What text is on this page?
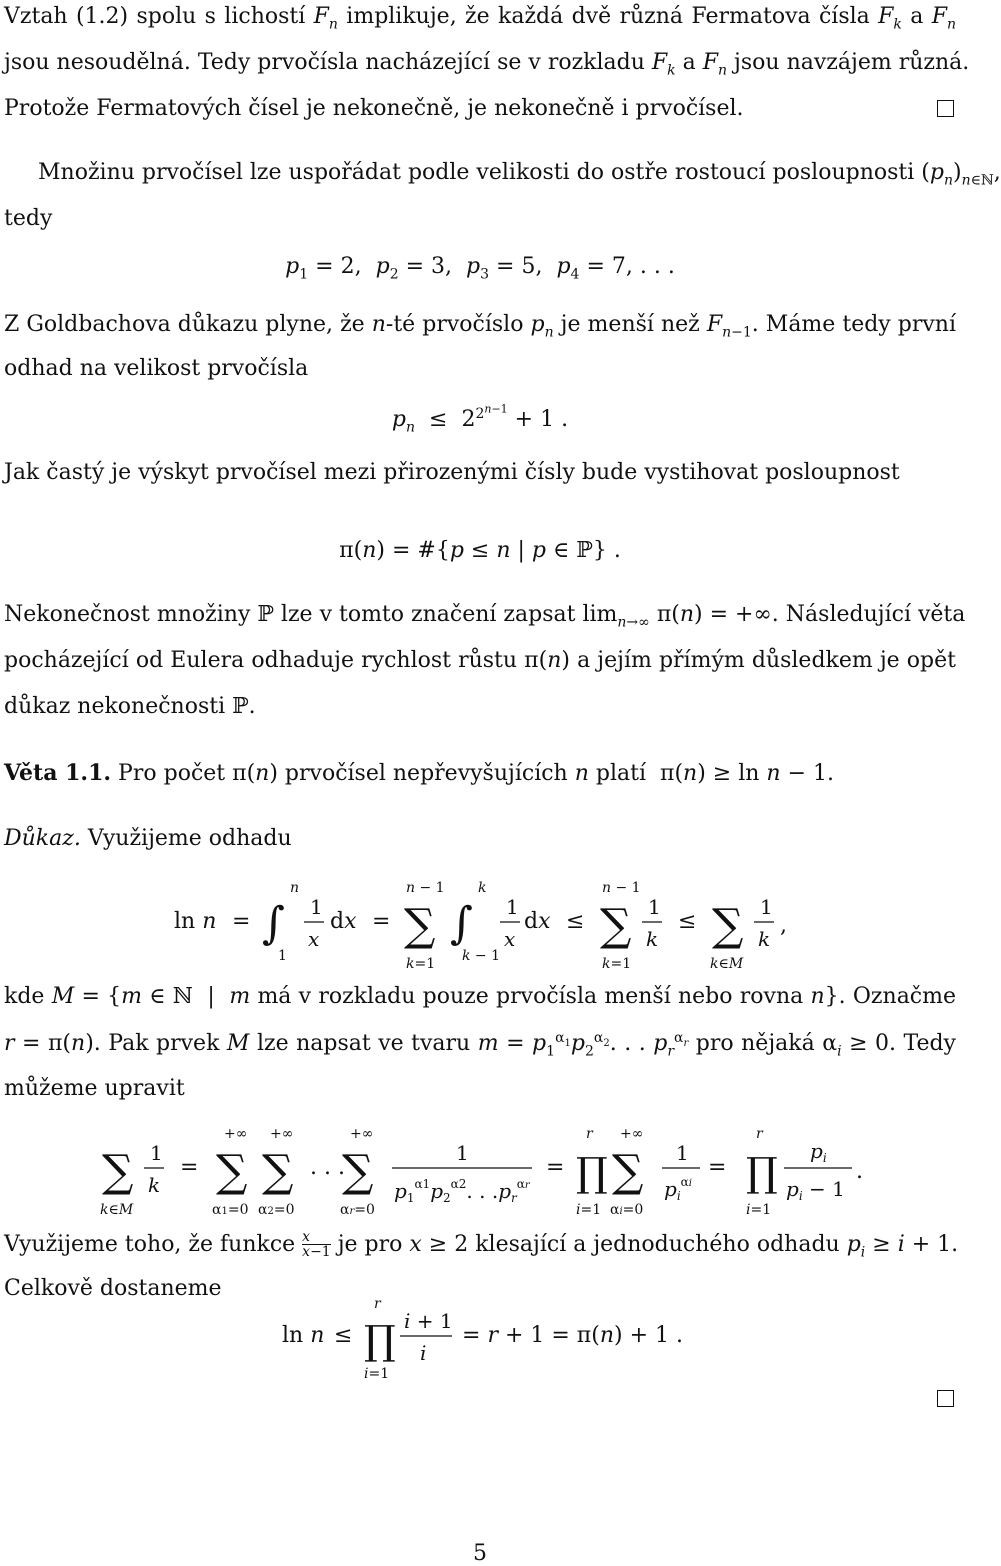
Vztah (1.2) spolu s lichostí $F_n$ implikuje, že každá dvě různá Fermatova čísla $F_k$ a $F_n$
jsou nesoudělná. Tedy prvočísla nacházející se v rozkladu $F_k$ a $F_n$ jsou navzájem různá.
Protože Fermatových čísel je nekonečně, je nekonečně i prvočísel.
Množinu prvočísel lze uspořádat podle velikosti do ostře rostoucí posloupnosti $(p_n)_{n\in ℕ}$,
tedy
$p_1 = 2$,  $p_2 = 3$,  $p_3 = 5$,  $p_4 = 7$, . . .
Z Goldbachova důkazu plyne, že n-té prvočíslo $p_n$ je menší než $F_{n-1}$. Máme tedy první
odhad na velikost prvočísla
$p_n \le 2^{2^{n-1}} + 1$ .
Jak častý je výskyt prvočísel mezi přirozenými čísly bude vystihovat posloupnost
π(n) = #{p ≤ n | p ∈ ℙ} .
Nekonečnost množiny ℙ lze v tomto značení zapsat $\lim_{n\to\infty} \pi(n)$ = +∞. Následující věta
pocházející od Eulera odhaduje rychlost růstu π(n) a jejím přímým důsledkem je opět
důkaz nekonečnosti ℙ.
Věta 1.1. Pro počet π(n) prvočísel nepřevyšujících n platí  π(n) ≥ ln n − 1.
Důkaz. Využijeme odhadu
ln n = ∫
n
1
1
x
dx =
n − 1
∑
k=1
∫
k
k − 1
1
x
dx ≤
n − 1
∑
k=1
1
k
≤ ∑
k∈M
1
k
,
kde M = {m ∈ ℕ  |  m má v rozkladu pouze prvočísla menší nebo rovna n}. Označme
r = π(n). Pak prvek M lze napsat ve tvaru $m = p_1^{\alpha_1}p_2^{\alpha_2}$. . . $p_r^{\alpha_r}$ pro nějaká $\alpha_i \ge 0$. Tedy
můžeme upravit
∑
k∈M
1
k
=
+∞
∑
α1=0
+∞
∑
α2=0
. . .
+∞
∑
αr=0
1
$p_1^{\alpha 1}p_2^{\alpha 2}$. . $.p_r^\alpha r$
=
r
∏
i=1
+∞
∑
αi=0
1
$p_i^\alpha i$
=
r
∏
i=1
$p_i$
$p_i - 1$
.
Využijeme toho, že funkce $\frac{x}{x-1}$ je pro x ≥ 2 klesající a jednoduchého odhadu $p_i \ge i + 1$.
Celkově dostaneme
ln n ≤
r
∏
i=1
i + 1
i
= r + 1 = π(n) + 1 .
5
